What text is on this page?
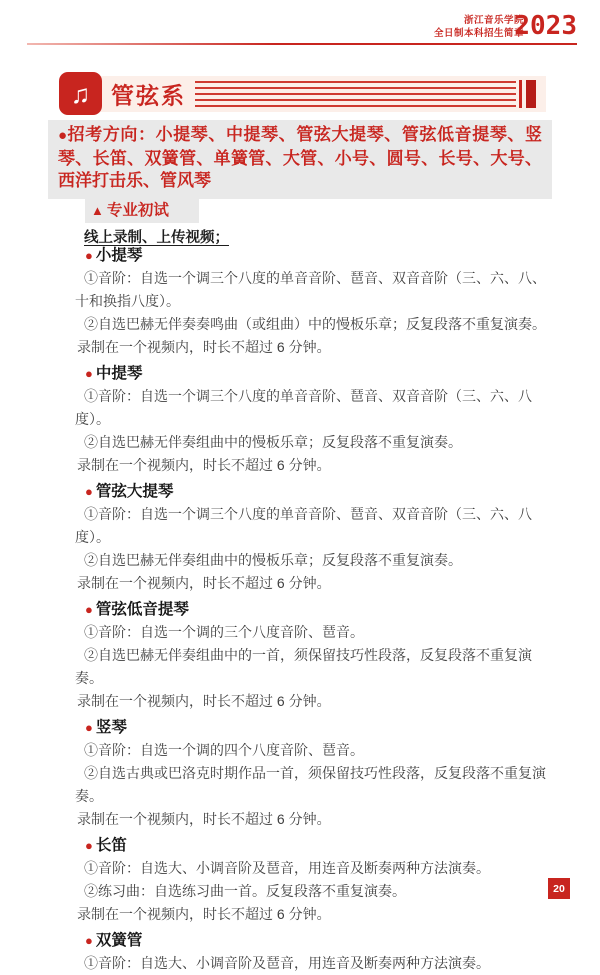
浙江音乐学院
全日制本科招生简章
2023
♫ 管弦系
●招考方向：小提琴、中提琴、管弦大提琴、管弦低音提琴、竖琴、长笛、双簧管、单簧管、大管、小号、圆号、长号、大号、西洋打击乐、管风琴
▲ 专业初试
线上录制、上传视频；
● 小提琴

①音阶：自选一个调三个八度的单音音阶、琶音、双音音阶（三、六、八、十和换指八度）。

②自选巴赫无伴奏奏鸣曲（或组曲）中的慢板乐章；反复段落不重复演奏。

录制在一个视频内，时长不超过 6 分钟。

● 中提琴

①音阶：自选一个调三个八度的单音音阶、琶音、双音音阶（三、六、八度）。

②自选巴赫无伴奏组曲中的慢板乐章；反复段落不重复演奏。

录制在一个视频内，时长不超过 6 分钟。

● 管弦大提琴

①音阶：自选一个调三个八度的单音音阶、琶音、双音音阶（三、六、八度）。

②自选巴赫无伴奏组曲中的慢板乐章；反复段落不重复演奏。

录制在一个视频内，时长不超过 6 分钟。

● 管弦低音提琴

①音阶：自选一个调的三个八度音阶、琶音。

②自选巴赫无伴奏组曲中的一首，须保留技巧性段落，反复段落不重复演奏。

录制在一个视频内，时长不超过 6 分钟。

● 竖琴

①音阶：自选一个调的四个八度音阶、琶音。

②自选古典或巴洛克时期作品一首，须保留技巧性段落，反复段落不重复演奏。

录制在一个视频内，时长不超过 6 分钟。

● 长笛

①音阶：自选大、小调音阶及琶音，用连音及断奏两种方法演奏。

②练习曲：自选练习曲一首。反复段落不重复演奏。

录制在一个视频内，时长不超过 6 分钟。

● 双簧管

①音阶：自选大、小调音阶及琶音，用连音及断奏两种方法演奏。

20
